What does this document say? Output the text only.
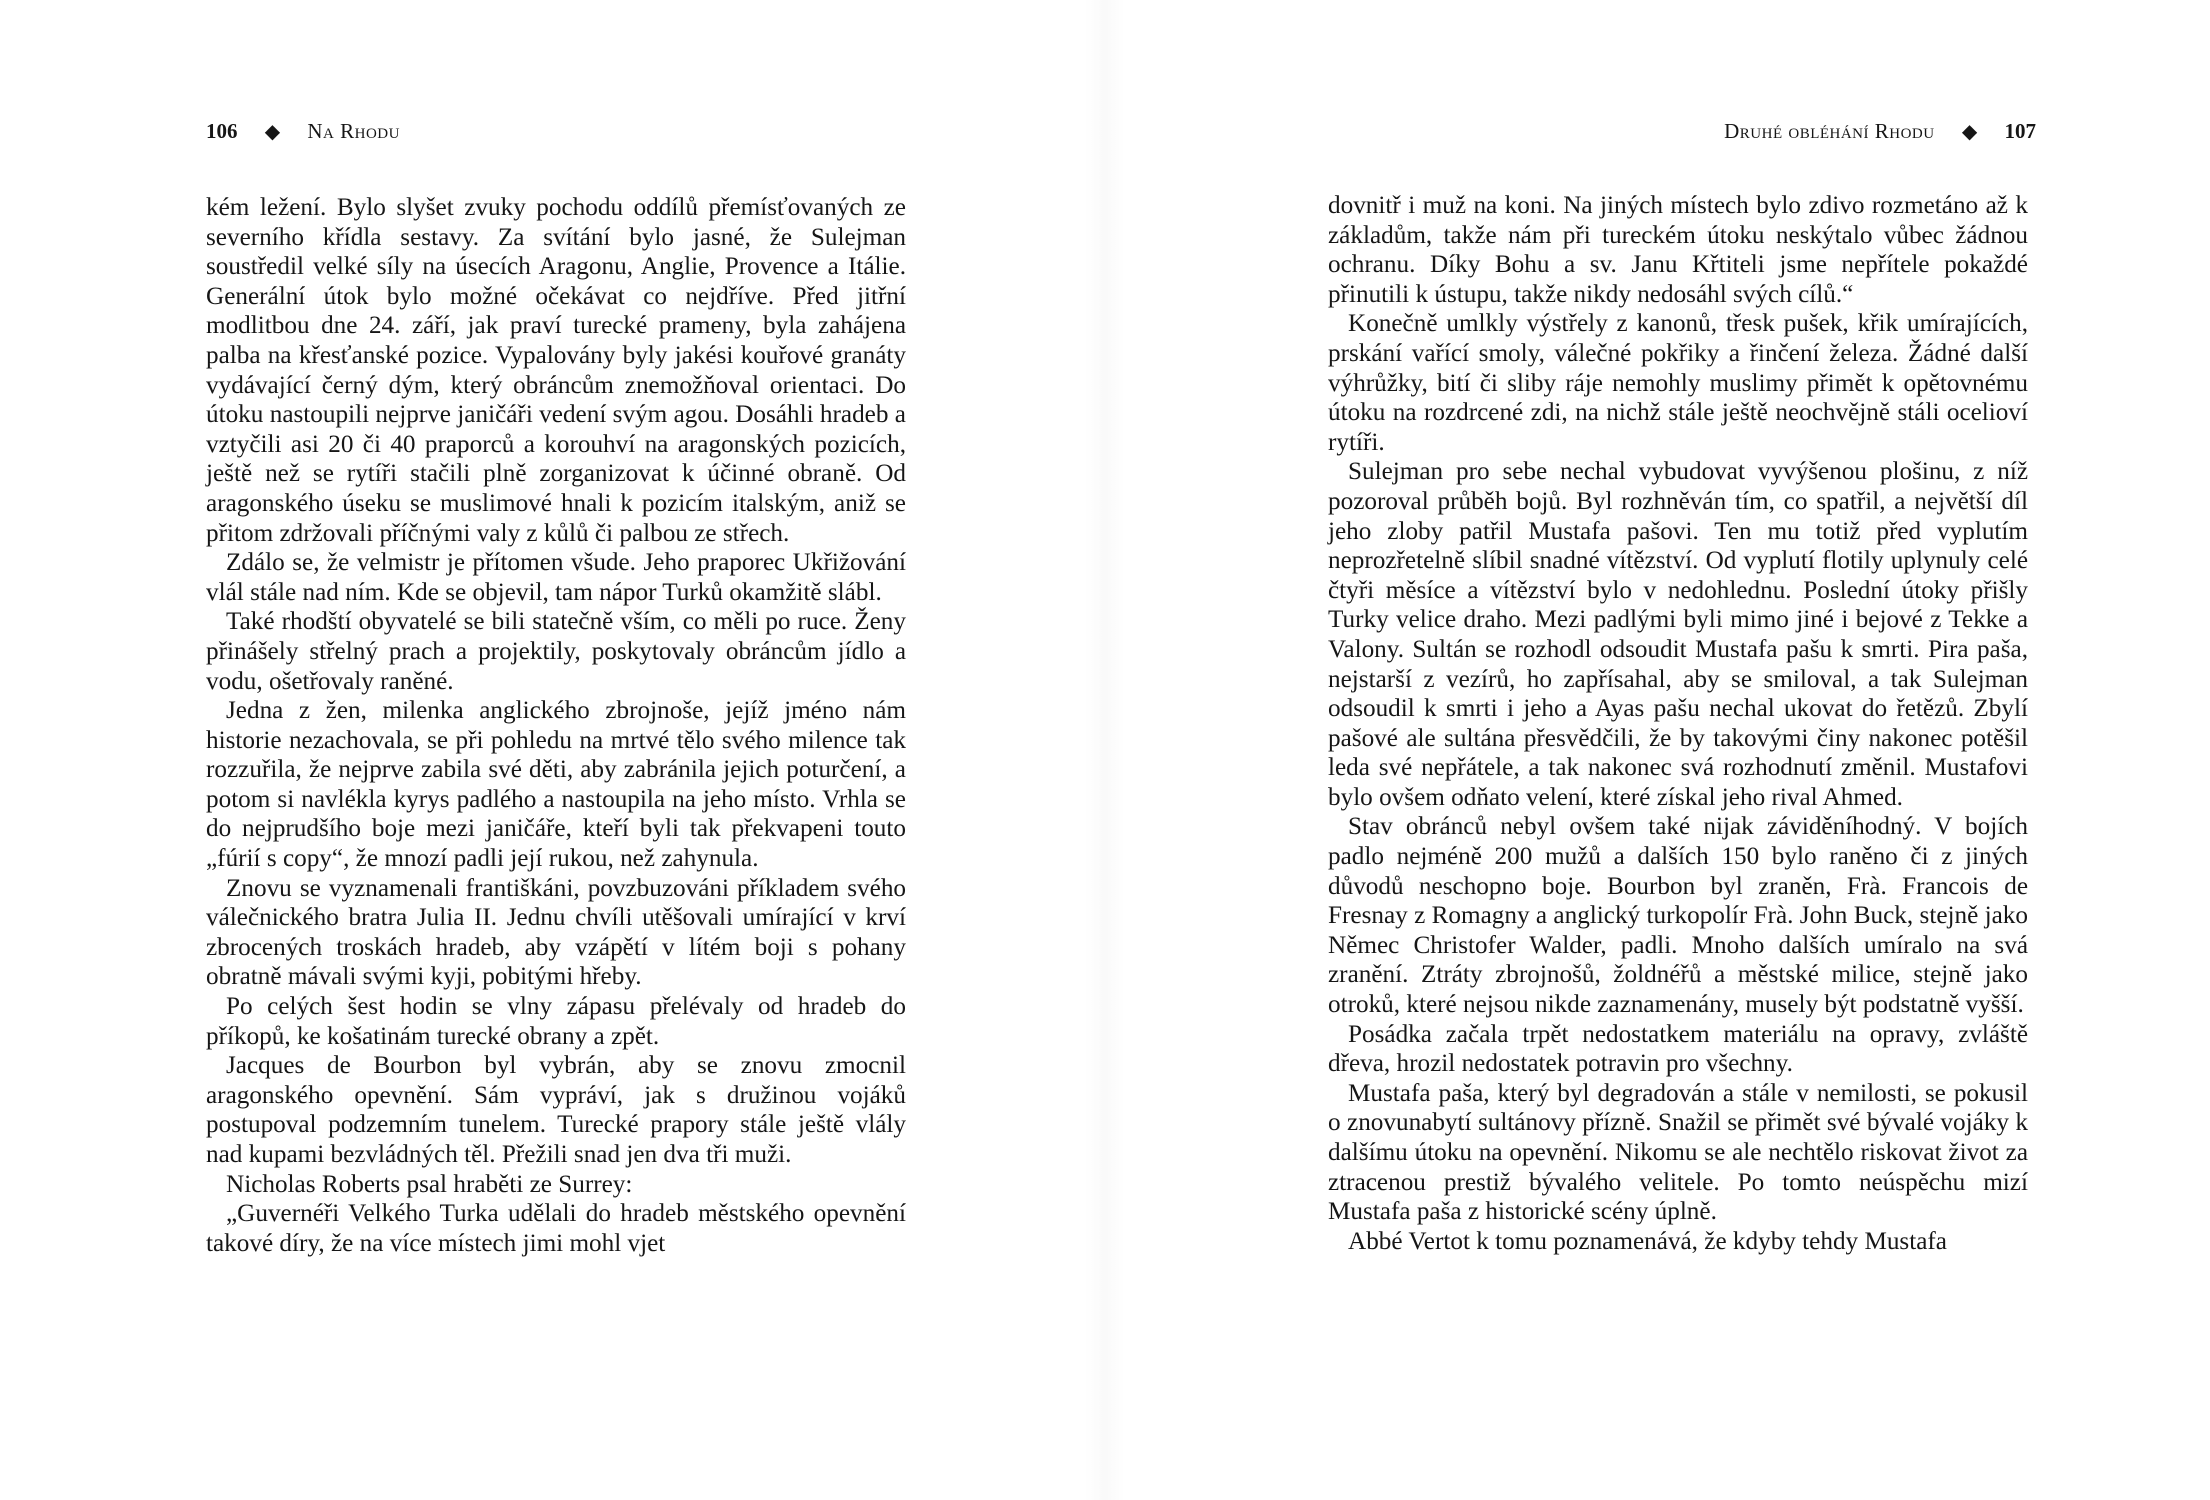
106 ◆ Na Rhodu

kém ležení. Bylo slyšet zvuky pochodu oddílů přemísťovaných ze severního křídla sestavy. Za svítání bylo jasné, že Sulejman soustředil velké síly na úsecích Aragonu, Anglie, Provence a Itálie. Generální útok bylo možné očekávat co nejdříve. Před jitřní modlitbou dne 24. září, jak praví turecké prameny, byla zahájena palba na křesťanské pozice. Vypalovány byly jakési kouřové granáty vydávající černý dým, který obráncům znemožňoval orientaci. Do útoku nastoupili nejprve janičáři vedení svým agou. Dosáhli hradeb a vztyčili asi 20 či 40 praporců a korouhví na aragonských pozicích, ještě než se rytíři stačili plně zorganizovat k účinné obraně. Od aragonského úseku se muslimové hnali k pozicím italským, aniž se přitom zdržovali příčnými valy z kůlů či palbou ze střech.

Zdálo se, že velmistr je přítomen všude. Jeho praporec Ukřižování vlál stále nad ním. Kde se objevil, tam nápor Turků okamžitě slábl.

Také rhodští obyvatelé se bili statečně vším, co měli po ruce. Ženy přinášely střelný prach a projektily, poskytovaly obráncům jídlo a vodu, ošetřovaly raněné.

Jedna z žen, milenka anglického zbrojnoše, jejíž jméno nám historie nezachovala, se při pohledu na mrtvé tělo svého milence tak rozzuřila, že nejprve zabila své děti, aby zabránila jejich poturčení, a potom si navlékla kyrys padlého a nastoupila na jeho místo. Vrhla se do nejprudšího boje mezi janičáře, kteří byli tak překvapeni touto „fúrií s copy“, že mnozí padli její rukou, než zahynula.

Znovu se vyznamenali františkáni, povzbuzováni příkladem svého válečnického bratra Julia II. Jednu chvíli utěšovali umírající v krví zbrocených troskách hradeb, aby vzápětí v lítém boji s pohany obratně mávali svými kyji, pobitými hřeby.

Po celých šest hodin se vlny zápasu přelévaly od hradeb do příkopů, ke košatinám turecké obrany a zpět.

Jacques de Bourbon byl vybrán, aby se znovu zmocnil aragonského opevnění. Sám vypráví, jak s družinou vojáků postupoval podzemním tunelem. Turecké prapory stále ještě vlály nad kupami bezvládných těl. Přežili snad jen dva tři muži.

Nicholas Roberts psal hraběti ze Surrey:

„Guvernéři Velkého Turka udělali do hradeb městského opevnění takové díry, že na více místech jimi mohl vjet

Druhé obléhání Rhodu ◆ 107

dovnitř i muž na koni. Na jiných místech bylo zdivo rozmetáno až k základům, takže nám při tureckém útoku neskýtalo vůbec žádnou ochranu. Díky Bohu a sv. Janu Křtiteli jsme nepřítele pokaždé přinutili k ústupu, takže nikdy nedosáhl svých cílů.“

Konečně umlkly výstřely z kanonů, třesk pušek, křik umírajících, prskání vařící smoly, válečné pokřiky a řinčení železa. Žádné další výhrůžky, bití či sliby ráje nemohly muslimy přimět k opětovnému útoku na rozdrcené zdi, na nichž stále ještě neochvějně stáli ocelioví rytíři.

Sulejman pro sebe nechal vybudovat vyvýšenou plošinu, z níž pozoroval průběh bojů. Byl rozhněván tím, co spatřil, a největší díl jeho zloby patřil Mustafa pašovi. Ten mu totiž před vyplutím neprozřetelně slíbil snadné vítězství. Od vyplutí flotily uplynuly celé čtyři měsíce a vítězství bylo v nedohlednu. Poslední útoky přišly Turky velice draho. Mezi padlými byli mimo jiné i bejové z Tekke a Valony. Sultán se rozhodl odsoudit Mustafa pašu k smrti. Pira paša, nejstarší z vezírů, ho zapřísahal, aby se smiloval, a tak Sulejman odsoudil k smrti i jeho a Ayas pašu nechal ukovat do řetězů. Zbylí pašové ale sultána přesvědčili, že by takovými činy nakonec potěšil leda své nepřátele, a tak nakonec svá rozhodnutí změnil. Mustafovi bylo ovšem odňato velení, které získal jeho rival Ahmed.

Stav obránců nebyl ovšem také nijak záviděníhodný. V bojích padlo nejméně 200 mužů a dalších 150 bylo raněno či z jiných důvodů neschopno boje. Bourbon byl zraněn, Frà. Francois de Fresnay z Romagny a anglický turkopolír Frà. John Buck, stejně jako Němec Christofer Walder, padli. Mnoho dalších umíralo na svá zranění. Ztráty zbrojnošů, žoldnéřů a městské milice, stejně jako otroků, které nejsou nikde zaznamenány, musely být podstatně vyšší.

Posádka začala trpět nedostatkem materiálu na opravy, zvláště dřeva, hrozil nedostatek potravin pro všechny.

Mustafa paša, který byl degradován a stále v nemilosti, se pokusil o znovunabytí sultánovy přízně. Snažil se přimět své bývalé vojáky k dalšímu útoku na opevnění. Nikomu se ale nechtělo riskovat život za ztracenou prestiž bývalého velitele. Po tomto neúspěchu mizí Mustafa paša z historické scény úplně.

Abbé Vertot k tomu poznamenává, že kdyby tehdy Mustafa
